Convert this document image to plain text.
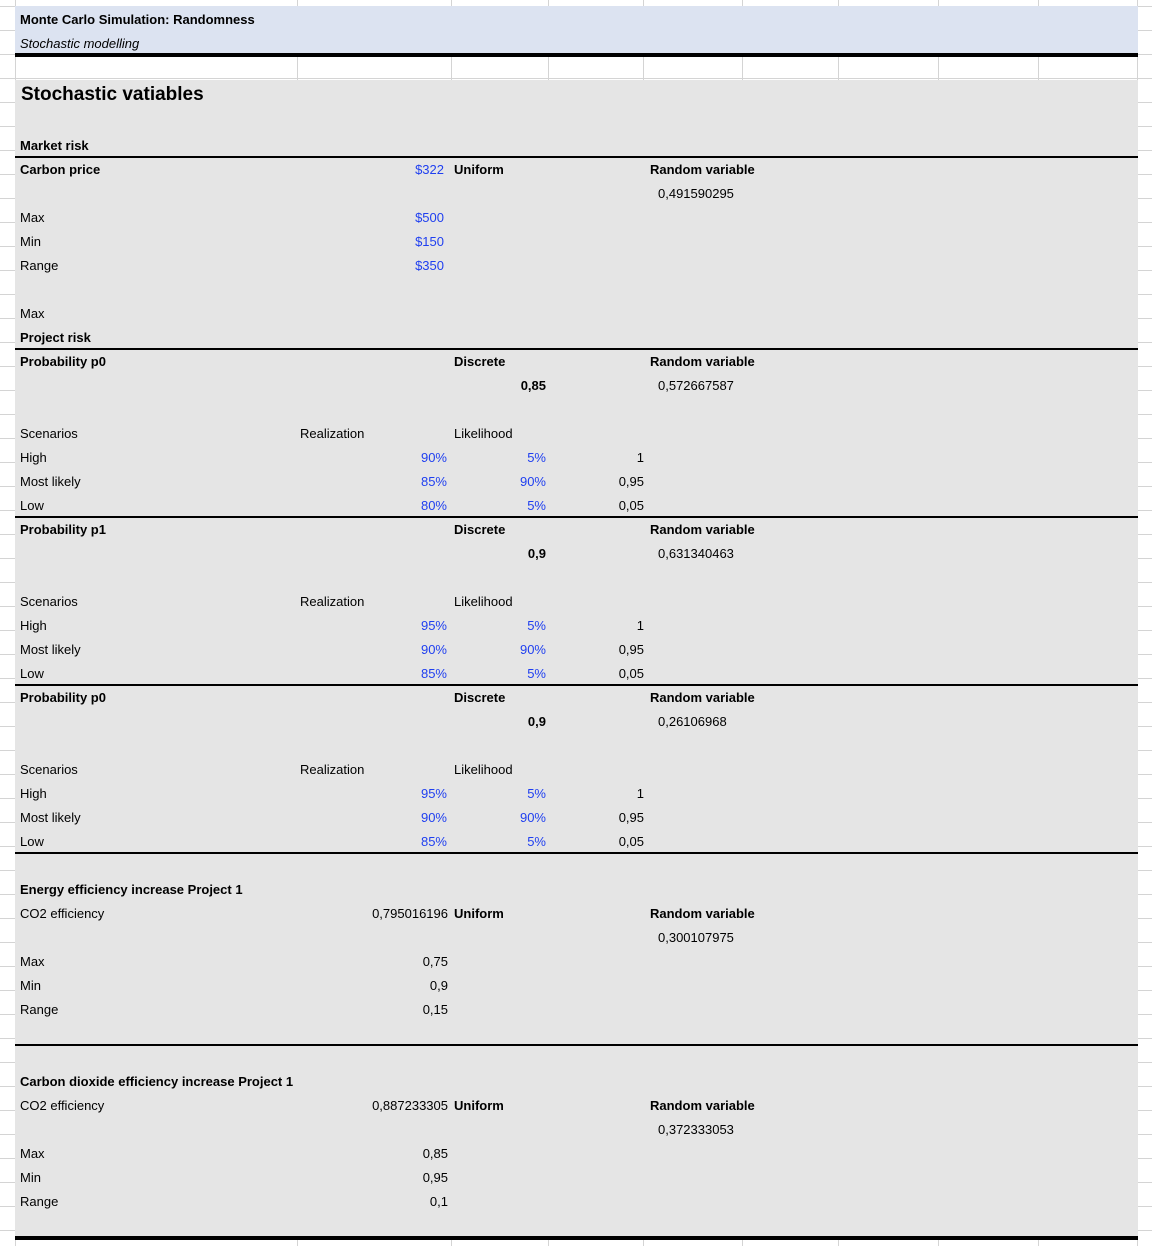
Monte Carlo Simulation: Randomness
Stochastic modelling
Stochastic vatiables
Market risk
Carbon price	$322 Uniform	Random variable
0,491590295
Max	$500
Min	$150
Range	$350
Max
Project risk
Probability p0	Discrete	Random variable
0,85	0,572667587
Scenarios	Realization	Likelihood
High	90%	5%	1
Most likely	85%	90%	0,95
Low	80%	5%	0,05
Probability p1	Discrete	Random variable
0,9	0,631340463
Scenarios	Realization	Likelihood
High	95%	5%	1
Most likely	90%	90%	0,95
Low	85%	5%	0,05
Probability p0	Discrete	Random variable
0,9	0,26106968
Scenarios	Realization	Likelihood
High	95%	5%	1
Most likely	90%	90%	0,95
Low	85%	5%	0,05
Energy efficiency increase Project 1
CO2 efficiency	0,795016196 Uniform	Random variable
0,300107975
Max	0,75
Min	0,9
Range	0,15
Carbon dioxide efficiency increase Project 1
CO2 efficiency	0,887233305 Uniform	Random variable
0,372333053
Max	0,85
Min	0,95
Range	0,1
